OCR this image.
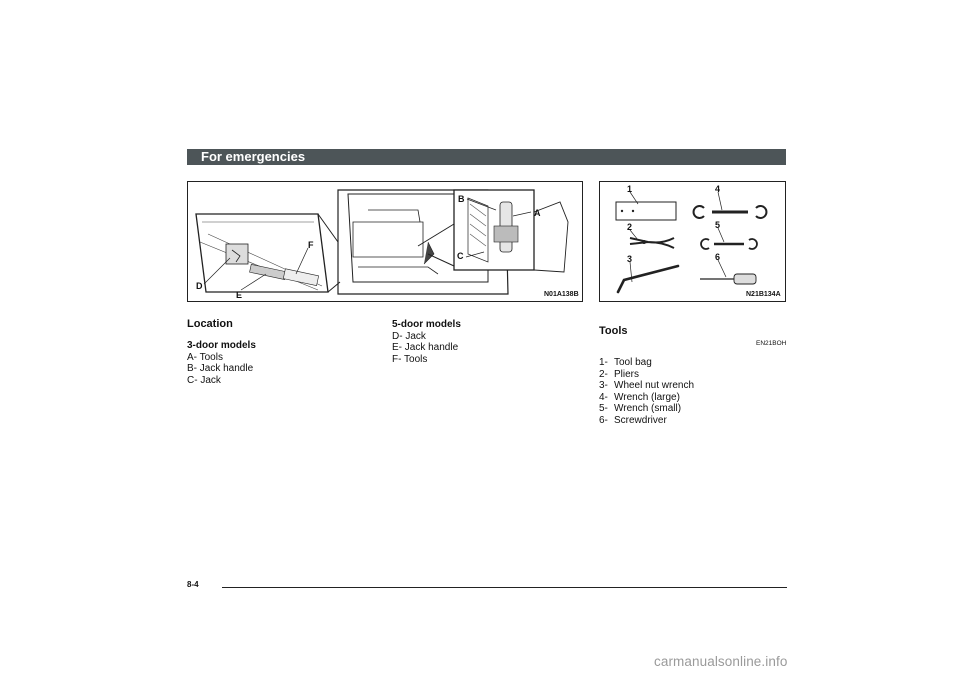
For emergencies
A
B
C
D
E
F
N01A138B
1
2
3
4
5
6
N21B134A
Location
3-door models
A- Tools
B- Jack handle
C- Jack
5-door models
D- Jack
E- Jack handle
F- Tools
Tools
EN21BOH
1- Tool bag
2- Pliers
3- Wheel nut wrench
4- Wrench (large)
5- Wrench (small)
6- Screwdriver
8-4
carmanualsonline.info
